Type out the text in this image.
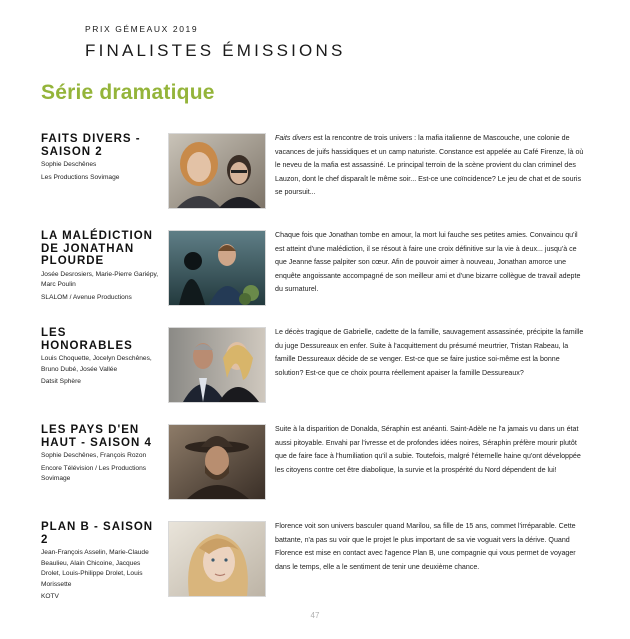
PRIX GÉMEAUX 2019
FINALISTES ÉMISSIONS
Série dramatique
FAITS DIVERS - SAISON 2
Sophie Deschênes
Les Productions Sovimage
Faits divers est la rencontre de trois univers : la mafia italienne de Mascouche, une colonie de vacances de juifs hassidiques et un camp naturiste. Constance est appelée au Café Firenze, là où le neveu de la mafia est assassiné. Le principal terroin de la scène provient du clan criminel des Lauzon, dont le chef disparaît le même soir... Est-ce une coïncidence? Le jeu de chat et de souris se poursuit...
LA MALÉDICTION DE JONATHAN PLOURDE
Josée Desrosiers, Marie-Pierre Gariépy, Marc Poulin
SLALOM / Avenue Productions
Chaque fois que Jonathan tombe en amour, la mort lui fauche ses petites amies. Convaincu qu'il est atteint d'une malédiction, il se résout à faire une croix définitive sur la vie à deux... jusqu'à ce que Jeanne fasse palpiter son cœur. Afin de pouvoir aimer à nouveau, Jonathan amorce une enquête angoissante accompagné de son meilleur ami et d'une bizarre collègue de travail adepte du surnaturel.
LES HONORABLES
Louis Choquette, Jocelyn Deschênes, Bruno Dubé, Josée Vallée
Datsit Sphère
Le décès tragique de Gabrielle, cadette de la famille, sauvagement assassinée, précipite la famille du juge Dessureaux en enfer. Suite à l'acquittement du présumé meurtrier, Tristan Rabeau, la famille Dessureaux décide de se venger. Est-ce que se faire justice soi-même est la bonne solution? Est-ce que ce choix pourra réellement apaiser la famille Dessureaux?
LES PAYS D'EN HAUT - SAISON 4
Sophie Deschênes, François Rozon
Encore Télévision / Les Productions Sovimage
Suite à la disparition de Donalda, Séraphin est anéanti. Saint-Adèle ne l'a jamais vu dans un état aussi pitoyable. Envahi par l'ivresse et de profondes idées noires, Séraphin préfère mourir plutôt que de faire face à l'humiliation qu'il a subie. Toutefois, malgré l'éternelle haine qu'ont développée les citoyens contre cet être diabolique, la survie et la prospérité du Nord dépendent de lui!
PLAN B - SAISON 2
Jean-François Asselin, Marie-Claude Beaulieu, Alain Chicoine, Jacques Drolet, Louis-Philippe Drolet, Louis Morissette
KOTV
Florence voit son univers basculer quand Marilou, sa fille de 15 ans, commet l'irréparable. Cette battante, n'a pas su voir que le projet le plus important de sa vie voguait vers la dérive. Quand Florence est mise en contact avec l'agence Plan B, une compagnie qui vous permet de voyager dans le temps, elle a le sentiment de tenir une deuxième chance.
47
